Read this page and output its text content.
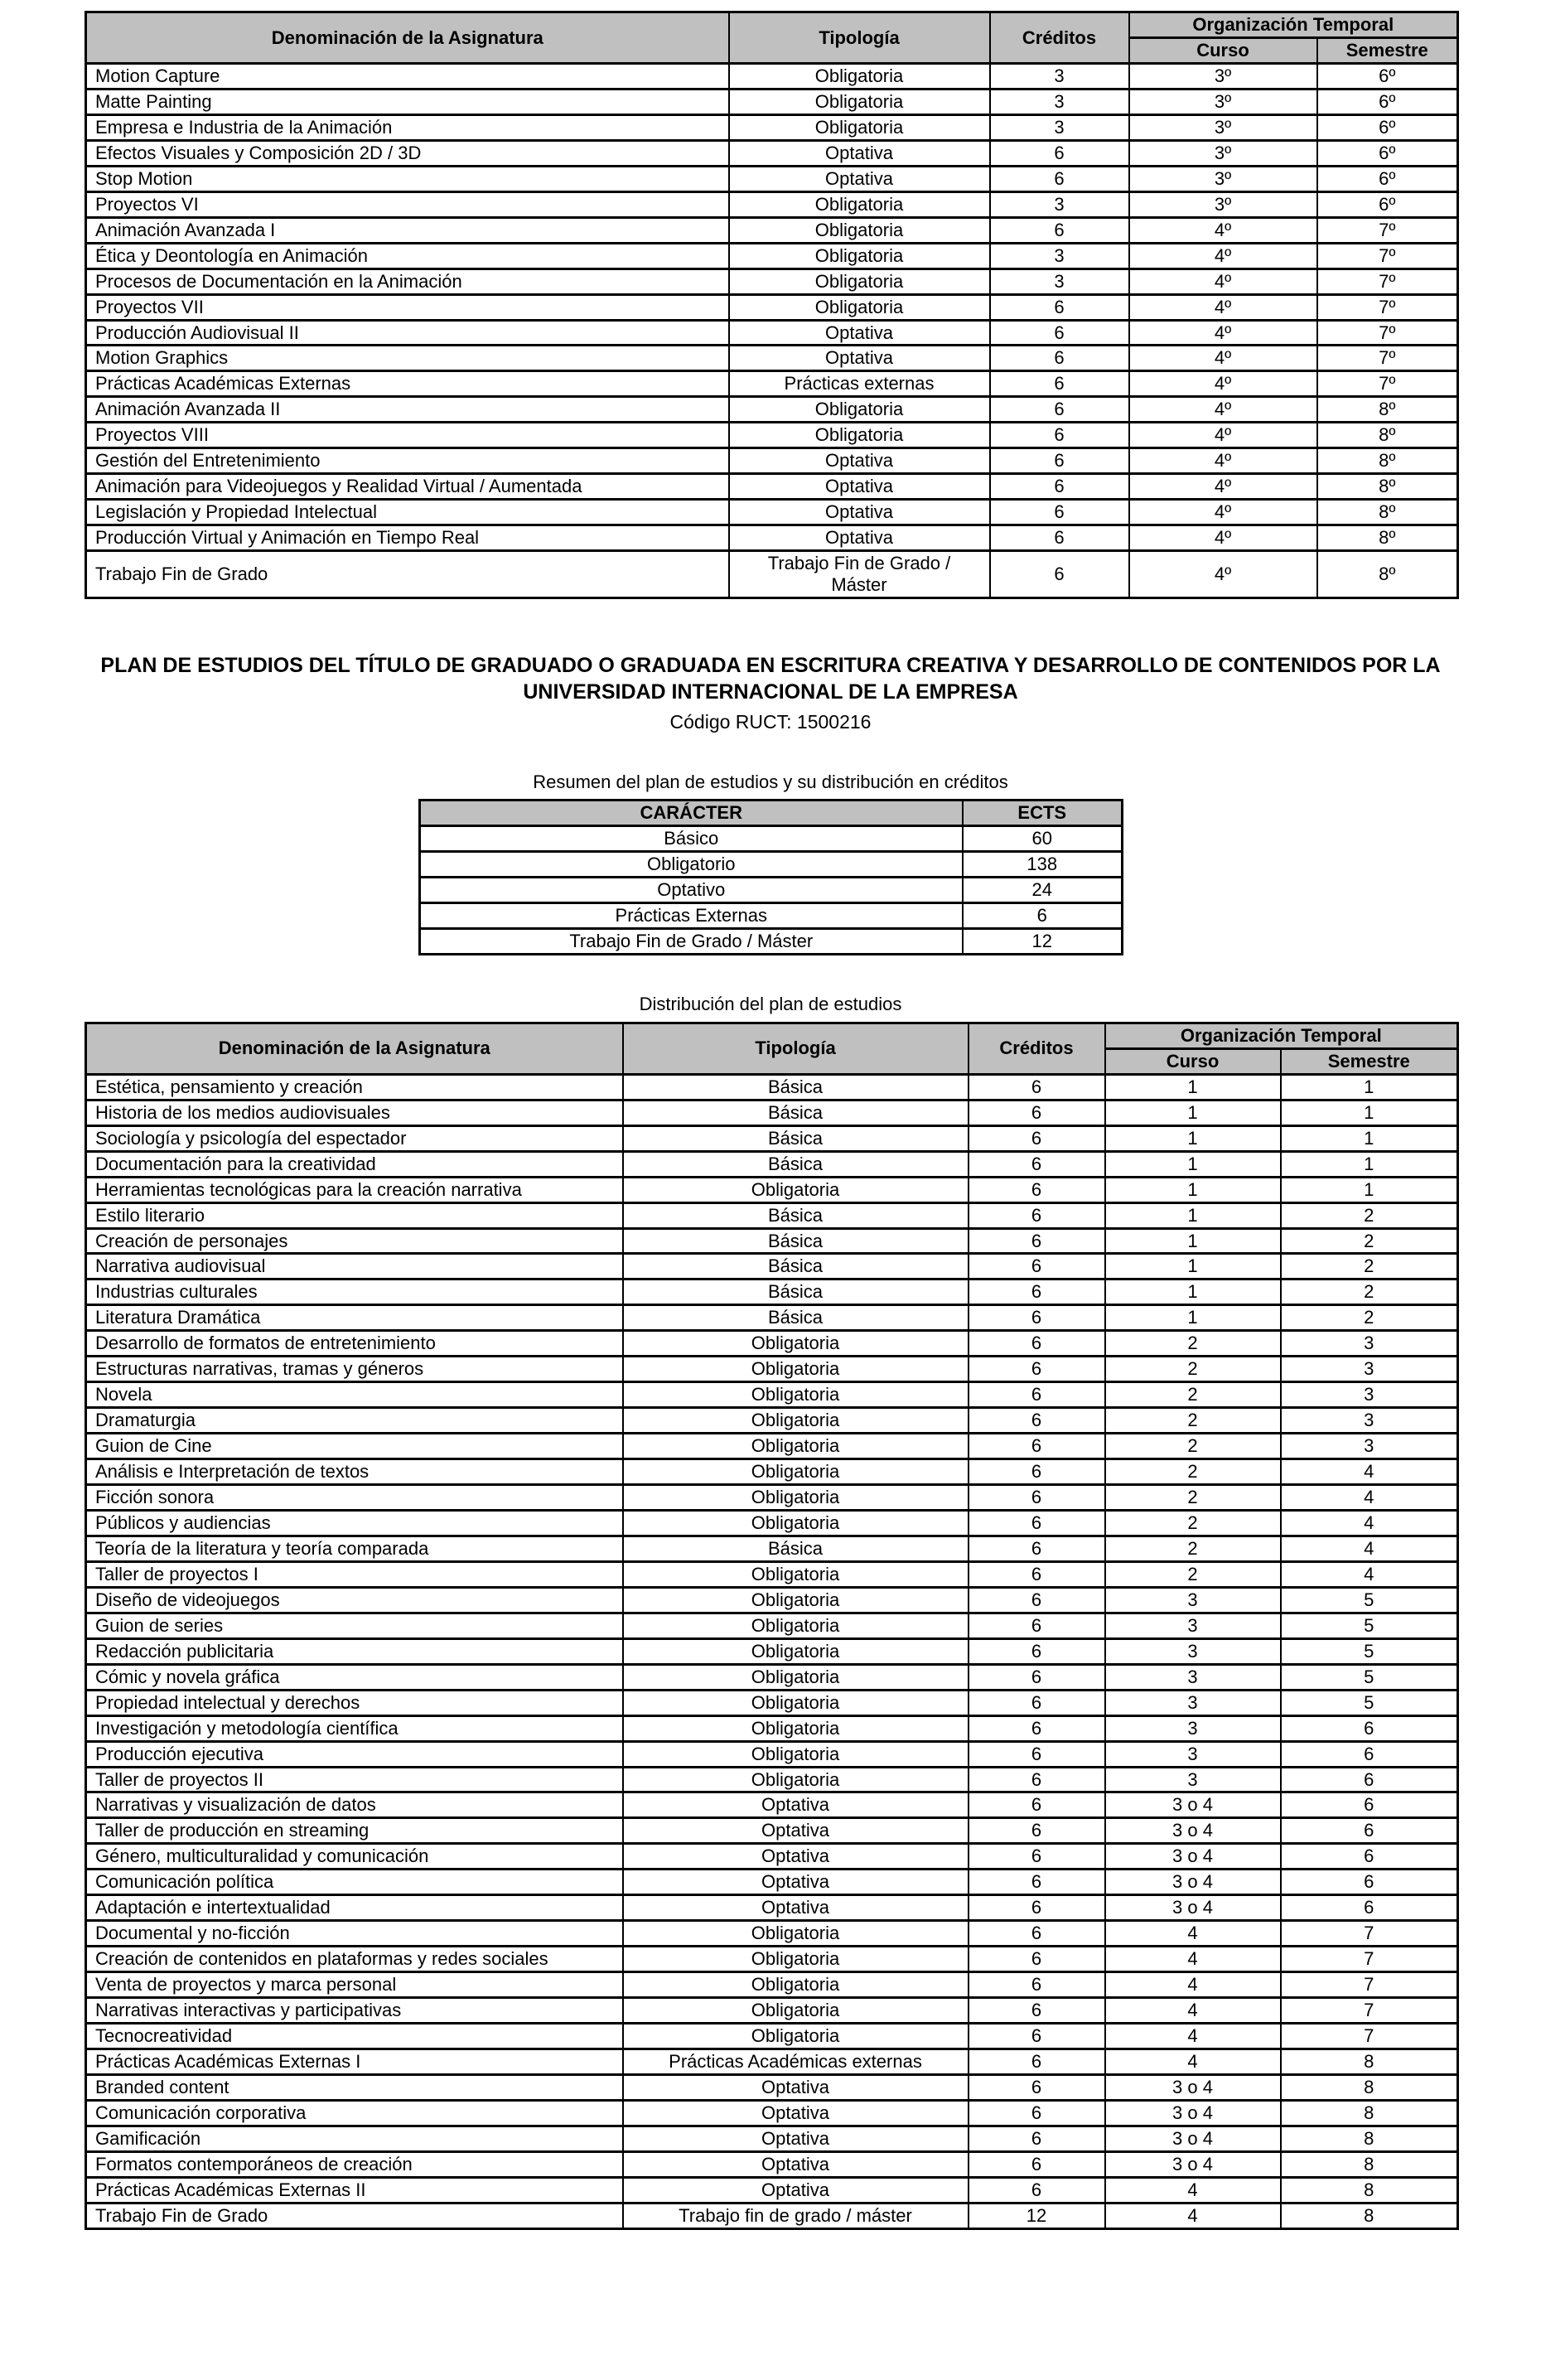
Denominación de la Asignatura	Tipología	Créditos	Organización Temporal	
			Curso	Semestre
Motion Capture	Obligatoria	3	3º	6º
Matte Painting	Obligatoria	3	3º	6º
Empresa e Industria de la Animación	Obligatoria	3	3º	6º
Efectos Visuales y Composición 2D / 3D	Optativa	6	3º	6º
Stop Motion	Optativa	6	3º	6º
Proyectos VI	Obligatoria	3	3º	6º
Animación Avanzada I	Obligatoria	6	4º	7º
Ética y Deontología en Animación	Obligatoria	3	4º	7º
Procesos de Documentación en la Animación	Obligatoria	3	4º	7º
Proyectos VII	Obligatoria	6	4º	7º
Producción Audiovisual II	Optativa	6	4º	7º
Motion Graphics	Optativa	6	4º	7º
Prácticas Académicas Externas	Prácticas externas	6	4º	7º
Animación Avanzada II	Obligatoria	6	4º	8º
Proyectos VIII	Obligatoria	6	4º	8º
Gestión del Entretenimiento	Optativa	6	4º	8º
Animación para Videojuegos y Realidad Virtual / Aumentada	Optativa	6	4º	8º
Legislación y Propiedad Intelectual	Optativa	6	4º	8º
Producción Virtual y Animación en Tiempo Real	Optativa	6	4º	8º
Trabajo Fin de Grado	Trabajo Fin de Grado / Máster	6	4º	8º
PLAN DE ESTUDIOS DEL TÍTULO DE GRADUADO O GRADUADA EN ESCRITURA CREATIVA Y DESARROLLO DE CONTENIDOS POR LA UNIVERSIDAD INTERNACIONAL DE LA EMPRESA
Código RUCT: 1500216
Resumen del plan de estudios y su distribución en créditos
CARÁCTER	ECTS
Básico	60
Obligatorio	138
Optativo	24
Prácticas Externas	6
Trabajo Fin de Grado / Máster	12
Distribución del plan de estudios
Denominación de la Asignatura	Tipología	Créditos	Organización Temporal	
			Curso	Semestre
Estética, pensamiento y creación	Básica	6	1	1
Historia de los medios audiovisuales	Básica	6	1	1
Sociología y psicología del espectador	Básica	6	1	1
Documentación para la creatividad	Básica	6	1	1
Herramientas tecnológicas para la creación narrativa	Obligatoria	6	1	1
Estilo literario	Básica	6	1	2
Creación de personajes	Básica	6	1	2
Narrativa audiovisual	Básica	6	1	2
Industrias culturales	Básica	6	1	2
Literatura Dramática	Básica	6	1	2
Desarrollo de formatos de entretenimiento	Obligatoria	6	2	3
Estructuras narrativas, tramas y géneros	Obligatoria	6	2	3
Novela	Obligatoria	6	2	3
Dramaturgia	Obligatoria	6	2	3
Guion de Cine	Obligatoria	6	2	3
Análisis e Interpretación de textos	Obligatoria	6	2	4
Ficción sonora	Obligatoria	6	2	4
Públicos y audiencias	Obligatoria	6	2	4
Teoría de la literatura y teoría comparada	Básica	6	2	4
Taller de proyectos I	Obligatoria	6	2	4
Diseño de videojuegos	Obligatoria	6	3	5
Guion de series	Obligatoria	6	3	5
Redacción publicitaria	Obligatoria	6	3	5
Cómic y novela gráfica	Obligatoria	6	3	5
Propiedad intelectual y derechos	Obligatoria	6	3	5
Investigación y metodología científica	Obligatoria	6	3	6
Producción ejecutiva	Obligatoria	6	3	6
Taller de proyectos II	Obligatoria	6	3	6
Narrativas y visualización de datos	Optativa	6	3 o 4	6
Taller de producción en streaming	Optativa	6	3 o 4	6
Género, multiculturalidad y comunicación	Optativa	6	3 o 4	6
Comunicación política	Optativa	6	3 o 4	6
Adaptación e intertextualidad	Optativa	6	3 o 4	6
Documental y no-ficción	Obligatoria	6	4	7
Creación de contenidos en plataformas y redes sociales	Obligatoria	6	4	7
Venta de proyectos y marca personal	Obligatoria	6	4	7
Narrativas interactivas y participativas	Obligatoria	6	4	7
Tecnocreatividad	Obligatoria	6	4	7
Prácticas Académicas Externas I	Prácticas Académicas externas	6	4	8
Branded content	Optativa	6	3 o 4	8
Comunicación corporativa	Optativa	6	3 o 4	8
Gamificación	Optativa	6	3 o 4	8
Formatos contemporáneos de creación	Optativa	6	3 o 4	8
Prácticas Académicas Externas II	Optativa	6	4	8
Trabajo Fin de Grado	Trabajo fin de grado / máster	12	4	8
